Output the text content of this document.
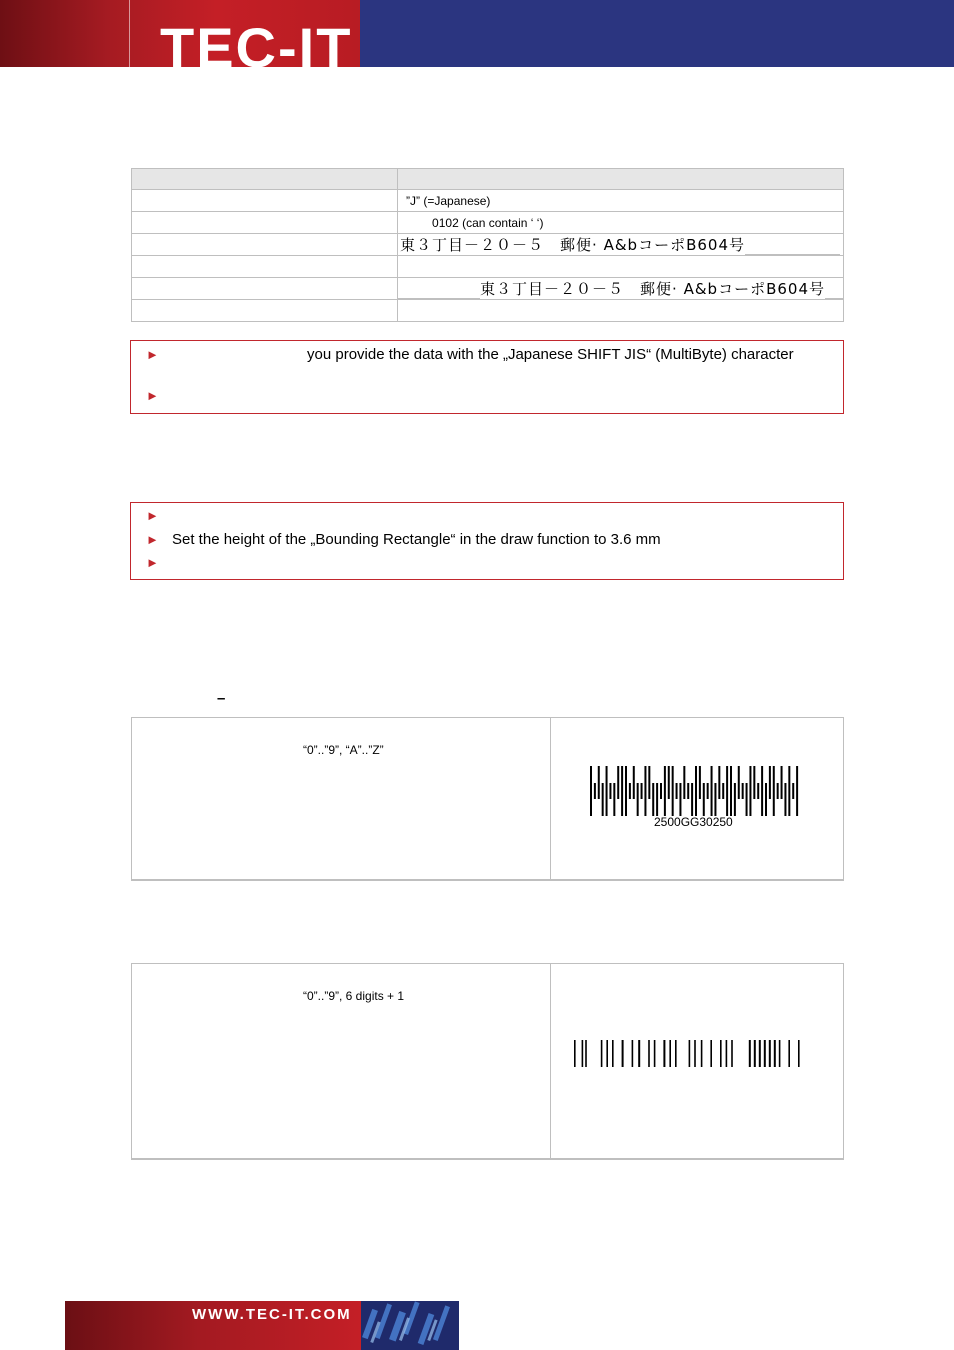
TEC-IT

	”J” (=Japanese)
	0102 (can contain ‘ ‘)
	東３丁目－２０－５　郵便· A&bコーポB604号

	東３丁目－２０－５　郵便· A&bコーポB604号

►	you provide the data with the „Japanese SHIFT JIS“ (MultiByte) character
►
►
► Set the height of the „Bounding Rectangle“ in the draw function to 3.6 mm
►
–
“0”..”9”, “A”..”Z”
2500GG30250
“0”..”9”, 6 digits + 1
WWW.TEC-IT.COM
